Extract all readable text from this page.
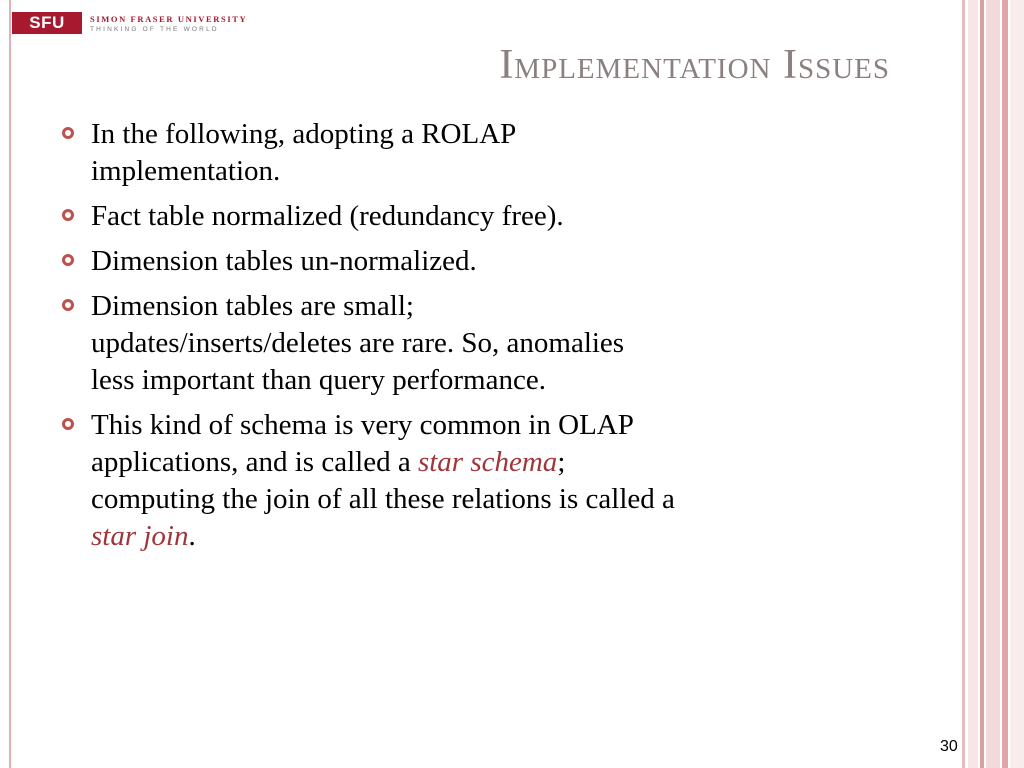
SFU	SIMON FRASER UNIVERSITY
THINKING OF THE WORLD
Implementation Issues
In the following, adopting a ROLAP
implementation.
Fact table normalized (redundancy free).
Dimension tables un-normalized.
Dimension tables are small;
updates/inserts/deletes are rare. So, anomalies
less important than query performance.
This kind of schema is very common in OLAP
applications, and is called a star schema;
computing the join of all these relations is called a
star join.
30
